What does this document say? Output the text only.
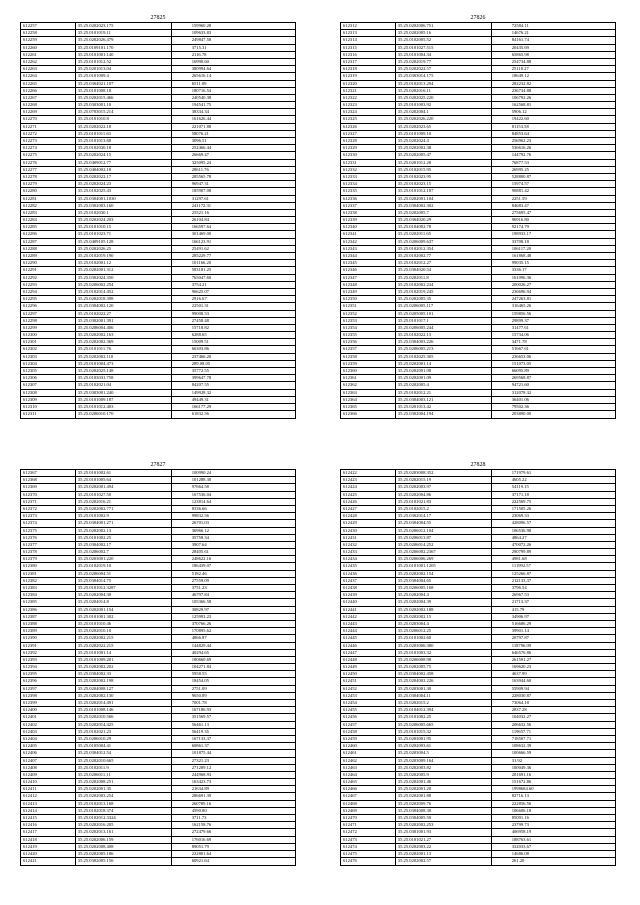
27825
612257	35.25.0202023.175	159960.28
612258	35.25.0101019.11	109633.83
612259	35.25.0202026.479	249847.58
612260	35.25.0109101.170	3715.31
612261	35.25.0101001.140	2116.78
612262	35.25.0101012.52	16990.60
612263	35.25.0201013.04	380994.64
612264	35.25.0101009.4	265616.14
612265	35.25.0304021.107	6511.09
612266	35.25.0101008.18	180716.54
612267	35.25.0202015.466	240540.38
612268	35.25.0303001.10	194541.75
612269	35.25.0703015.214	38334.34
612270	35.25.0101010.8	161626.44
612271	35.25.0202022.18	221071.88
612272	35.25.0101011.63	58076.21
612273	35.25.0101013.68	3096.51
612274	35.25.0102030.18	252466.44
612275	35.25.0202024.15	26669.47
612276	35.25.0409012.77	325095.24
612277	35.25.0404002.18	28611.76
612278	35.25.0202022.17	285565.78
612279	35.25.0202024.23	96947.31
612280	35.25.0102025.43	185907.08
612281	35.25.0304001.1030	31297.61
612282	35.25.0302003.160	241172.31
612283	35.25.0102030.1	25521.16
612284	35.25.0202024.203	26104.84
612285	35.25.0101010.15	166597.64
612286	35.25.0101023.71	301469.00
612287	35.25.0409105.128	166123.91
612288	35.25.0202026.25	25491.62
612289	35.25.0102019.190	285229.77
612290	35.25.0102001.12	101166.20
612291	35.25.0202001.312	583181.25
612292	35.25.0302024.350	765047.60
612293	35.25.0206002.254	3754.21
612294	35.25.0102014.452	96625.07
612295	35.25.0202018.398	2916.67
612296	35.25.0304002.120	22501.31
612297	35.25.0102022.27	99008.53
612298	35.25.0302001.391	27458.48
612299	35.25.0206004.406	15718.82
612300	35.25.0202002.163	6288.65
612301	35.25.0202002.369	15009.51
612302	35.25.0101011.76	66303.86
612303	35.25.0202002.110	237466.20
612304	35.25.0101004.473	289.08.05
612305	35.25.0202025.148	35772.55
612306	35.25.0103031.758	399647.78
612307	35.25.0102021.04	84207.55
612308	35.25.0303001.240	149928.32
612309	35.25.0101009.187	49449.31
612310	35.25.0101012.403	166177.29
612311	35.25.0206010.170	61832.56
27826
612312	35.25.0202006.751	72584.11
612313	35.25.0202005.16	14676.21
612314	35.25.0102005.52	84161.74
612315	35.25.0101027.515	20435.69
612316	35.25.0101004.34	65865.98
612317	35.25.0202019.77	254734.88
612318	35.25.0202022.57	25118.27
612319	35.25.0303014.175	18649.12
612320	35.25.0102013.294	282232.82
612321	35.25.0202016.11	236734.88
612322	35.25.0202025.220	106792.26
612323	35.25.0101003.92	162568.81
612324	35.25.0202004.1	5906.12
612325	35.25.0202026.220	19422.60
612326	35.25.0202023.65	81153.58
612327	35.25.0101009.10	84853.64
612328	35.25.0202024.4	256962.23
612329	35.25.0202002.38	536616.26
612330	35.25.0202005.47	144792.76
612331	35.25.0201012.28	76877.53
612332	35.25.0102015.95	26995.25
612333	35.25.0102023.95	528800.87
612334	35.25.0102023.15	15974.57
612335	35.25.0101012.187	90881.42
612336	35.25.0202001.104	2251.59
612337	35.25.0304002.302	84683.47
612338	35.25.0202005.7	275695.47
612339	35.25.0304020.29	96916.80
612340	35.25.0104002.78	92174.79
612341	35.25.0202011.65	198933.17
612342	35.25.0206009.637	33708.18
612343	35.25.0102012.354	106117.20
612344	35.25.0102002.77	161868.48
612345	35.25.0102012.27	99035.15
612346	35.25.0304020.54	3336.17
612347	35.25.0202011.8	161096.36
612348	35.25.0102002.234	200026.27
612349	35.25.0102019.245	236696.94
612350	35.25.0202005.35	247263.81
612351	35.25.0206005.117	316465.26
612352	35.25.0205005.101	159856.56
612353	35.25.0101017.1	29899.37
612354	35.25.0206005.244	31477.61
612355	35.25.0102022.13	15734.06
612356	35.25.0304003.226	3471.78
612357	35.25.0206005.213	51667.61
612358	35.25.0102025.305	236653.06
612359	35.25.0202001.14	151073.05
612360	35.25.0202001.08	66095.89
612361	35.25.0202001.09	269568.87
612362	35.25.0202005.4	94721.60
612363	35.25.0102012.21	312078.32
612364	35.25.0304003.121	36401.06
612365	35.25.0201013.42	79502.36
612366	35.25.0302004.194	203890.00
27827
612367	35.25.0101002.61	100990.24
612368	35.25.0101005.64	101288.30
612369	35.25.0202001.494	97664.58
612370	35.25.0101027.50	167536.04
612371	35.25.0202016.21	123814.64
612372	35.25.0202002.771	8336.66
612373	35.25.0101002.9	99832.56
612374	35.25.0304001.271	26701.03
612375	35.25.0202002.13	36966.12
612376	35.25.0101002.25	35758.34
612377	35.25.0304002.17	3907.64
612378	35.25.0206002.7	28405.61
612379	35.25.0203001.220	248622.16
612380	35.25.0102019.10	186439.07
612381	35.25.0206004.51	5182.46
612382	35.25.0304014.75	27559.09
612383	35.25.0101012.3287	3751.23
612384	35.25.0202004.30	46797.84
612385	35.25.0204014.8	105366.58
612386	35.25.0202001.154	30829.97
612387	35.25.0101001.302	125993.23
612388	35.25.0101010.46	370766.26
612389	35.25.0202010.10	170895.62
612390	35.25.0202002.215	4866.87
612391	35.25.0202022.215	144829.44
612392	35.25.0101001.14	40294.65
612393	35.25.0101009.201	180660.69
612394	35.25.0202002.202	104271.84
612395	35.25.0304002.33	5958.55
612396	35.25.0202002.198	18454.05
612397	35.25.0204008.127	2751.09
612398	35.25.0202002.130	9650.89
612399	35.25.0202014.491	7001.78
612400	35.25.0101008.146	167186.93
612401	35.25.0202010.566	351569.57
612402	35.25.0202014.425	56461.13
612403	35.25.0102021.23	56419.35
612404	35.25.0206010.29	167133.37
612405	35.25.0105004.41	60861.37
612406	35.25.0304012.54	101875.44
612407	35.25.0202010.665	27321.23
612408	35.25.0102011.9	271209.12
612409	35.25.0206011.11	244968.93
612410	35.25.0202008.251	163423.73
612411	35.25.0202001.35	21634.89
612412	35.25.0202003.254	286691.39
612413	35.25.0102013.168	260789.16
612414	35.25.0102018.374	4590.80
612415	35.25.0102012.3324	3711.73
612416	35.25.0202016.205	162158.76
612417	35.25.0202013.161	272479.66
612418	35.25.0202006.159	176016.69
612419	35.25.0202008.408	89051.79
612420	35.25.0202005.186	222801.64
612421	35.25.0302005.156	60921.64
27828
612422	35.25.0203008.352	171979.61
612423	35.25.0202015.19	4605.22
612424	35.25.0202003.97	54119.15
612425	35.25.0202004.86	37171.18
612426	35.25.0101021.83	222569.75
612427	35.25.0102015.2	171505.26
612428	35.25.0302014.17	23069.33
612429	35.25.0304004.55	428096.57
612430	35.25.0206012.104	106536.98
612431	35.25.0206013.87	4864.27
612432	35.25.0206014.252	470072.26
612433	35.25.0206002.2367	290799.89
612434	35.25.0206006.269	4981.68
612435	35.25.0101001.1205	111992.57
612436	35.25.0202002.154	125266.87
612437	35.25.0304004.65	212133.37
612438	35.25.0206005.168	3796.54
612439	35.25.0202004.4	26967.53
612440	35.25.0202004.39	21713.37
612441	35.25.0202002.188	415.79
612442	35.25.0202002.15	34906.97
612443	35.25.0203004.4	516686.29
612444	35.25.0206012.25	39901.14
612445	35.25.0101002.60	20797.87
612446	35.25.0203006.380	118796.09
612447	35.25.0101003.32	646576.86
612448	35.25.0206008.98	261591.27
612449	35.25.0202005.75	169620.23
612450	35.25.0304002.458	4637.99
612451	35.25.0204002.226	163944.60
612452	35.25.0203001.30	55909.94
612453	35.25.0304004.11	228030.87
612454	35.25.0202015.2	73064.18
612455	35.25.0104012.394	2837.28
612456	35.25.0101002.25	104032.27
612457	35.25.0206005.665	206632.56
612458	35.25.0101015.32	119657.71
612459	35.25.0203001.95	718507.71
612460	35.25.0202003.61	108632.39
612461	35.25.0203004.5	100666.59
612462	35.25.0203009.164	31.92
612463	35.25.0202003.82	100049.36
612464	35.25.0202005.9	201691.16
612465	35.25.0202001.46	151672.86
612466	35.25.0202001.20	1998684.60
612467	35.25.0202001.88	82716.13
612468	35.25.0202009.76	222856.56
612469	35.25.0304008.30	106606.18
612470	35.25.0304005.50	85091.16
612471	35.25.0202002.253	23799.73
612472	35.25.0301001.93	406958.19
612473	35.25.0101021.27	188763.61
612474	35.25.0202003.22	332033.67
612475	35.25.0202001.13	14686.08
612476	35.25.0202002.57	261.20
